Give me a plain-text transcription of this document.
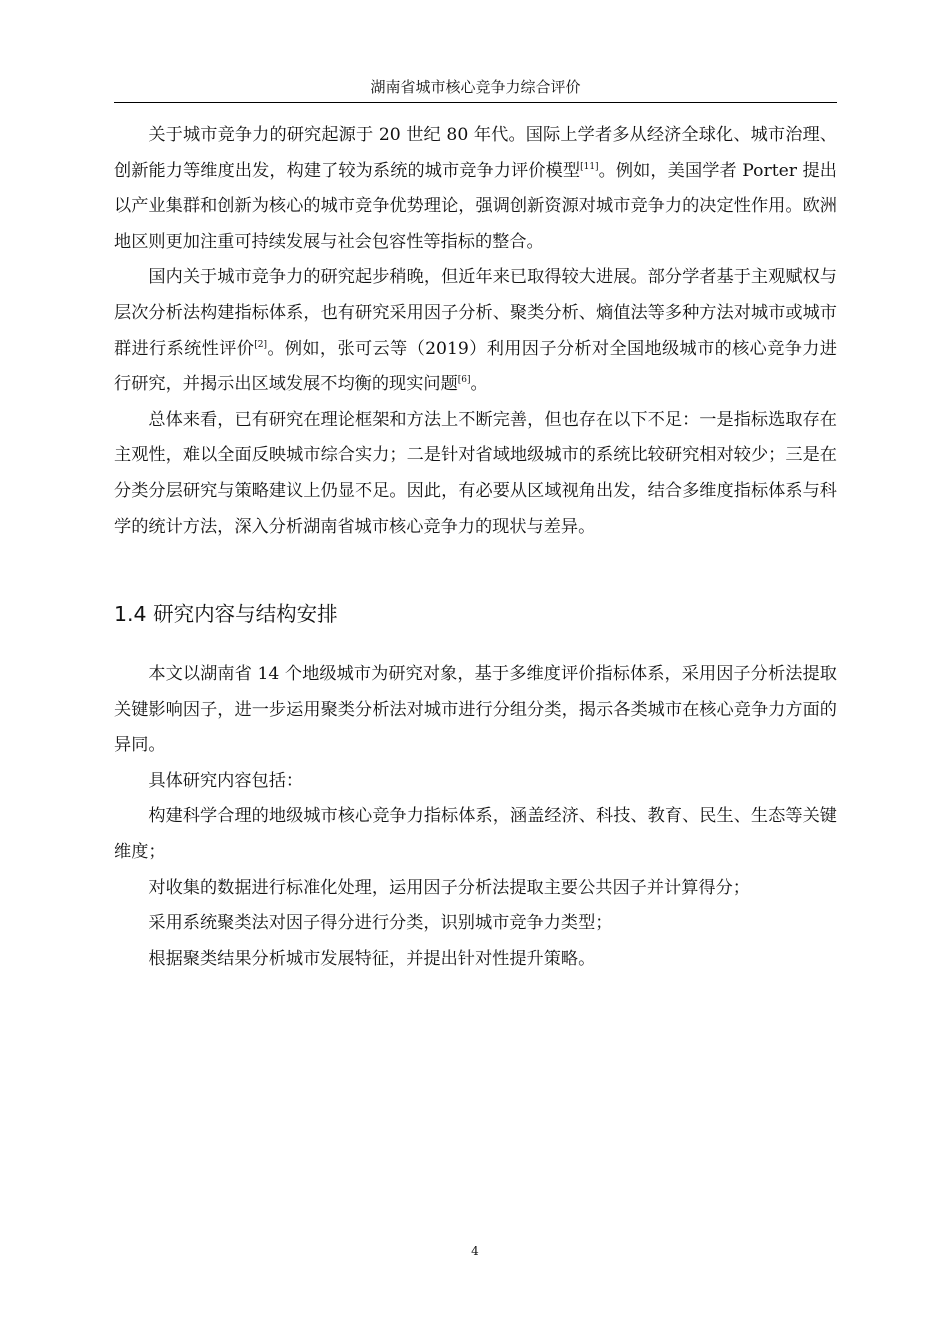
湖南省城市核心竞争力综合评价

关于城市竞争力的研究起源于 20 世纪 80 年代。国际上学者多从经济全球化、城市治理、创新能力等维度出发，构建了较为系统的城市竞争力评价模型[11]。例如，美国学者 Porter 提出以产业集群和创新为核心的城市竞争优势理论，强调创新资源对城市竞争力的决定性作用。欧洲地区则更加注重可持续发展与社会包容性等指标的整合。

国内关于城市竞争力的研究起步稍晚，但近年来已取得较大进展。部分学者基于主观赋权与层次分析法构建指标体系，也有研究采用因子分析、聚类分析、熵值法等多种方法对城市或城市群进行系统性评价[2]。例如，张可云等（2019）利用因子分析对全国地级城市的核心竞争力进行研究，并揭示出区域发展不均衡的现实问题[6]。

总体来看，已有研究在理论框架和方法上不断完善，但也存在以下不足：一是指标选取存在主观性，难以全面反映城市综合实力；二是针对省域地级城市的系统比较研究相对较少；三是在分类分层研究与策略建议上仍显不足。因此，有必要从区域视角出发，结合多维度指标体系与科学的统计方法，深入分析湖南省城市核心竞争力的现状与差异。

1.4 研究内容与结构安排

本文以湖南省 14 个地级城市为研究对象，基于多维度评价指标体系，采用因子分析法提取关键影响因子，进一步运用聚类分析法对城市进行分组分类，揭示各类城市在核心竞争力方面的异同。

具体研究内容包括：

构建科学合理的地级城市核心竞争力指标体系，涵盖经济、科技、教育、民生、生态等关键维度；

对收集的数据进行标准化处理，运用因子分析法提取主要公共因子并计算得分；

采用系统聚类法对因子得分进行分类，识别城市竞争力类型；

根据聚类结果分析城市发展特征，并提出针对性提升策略。

4
